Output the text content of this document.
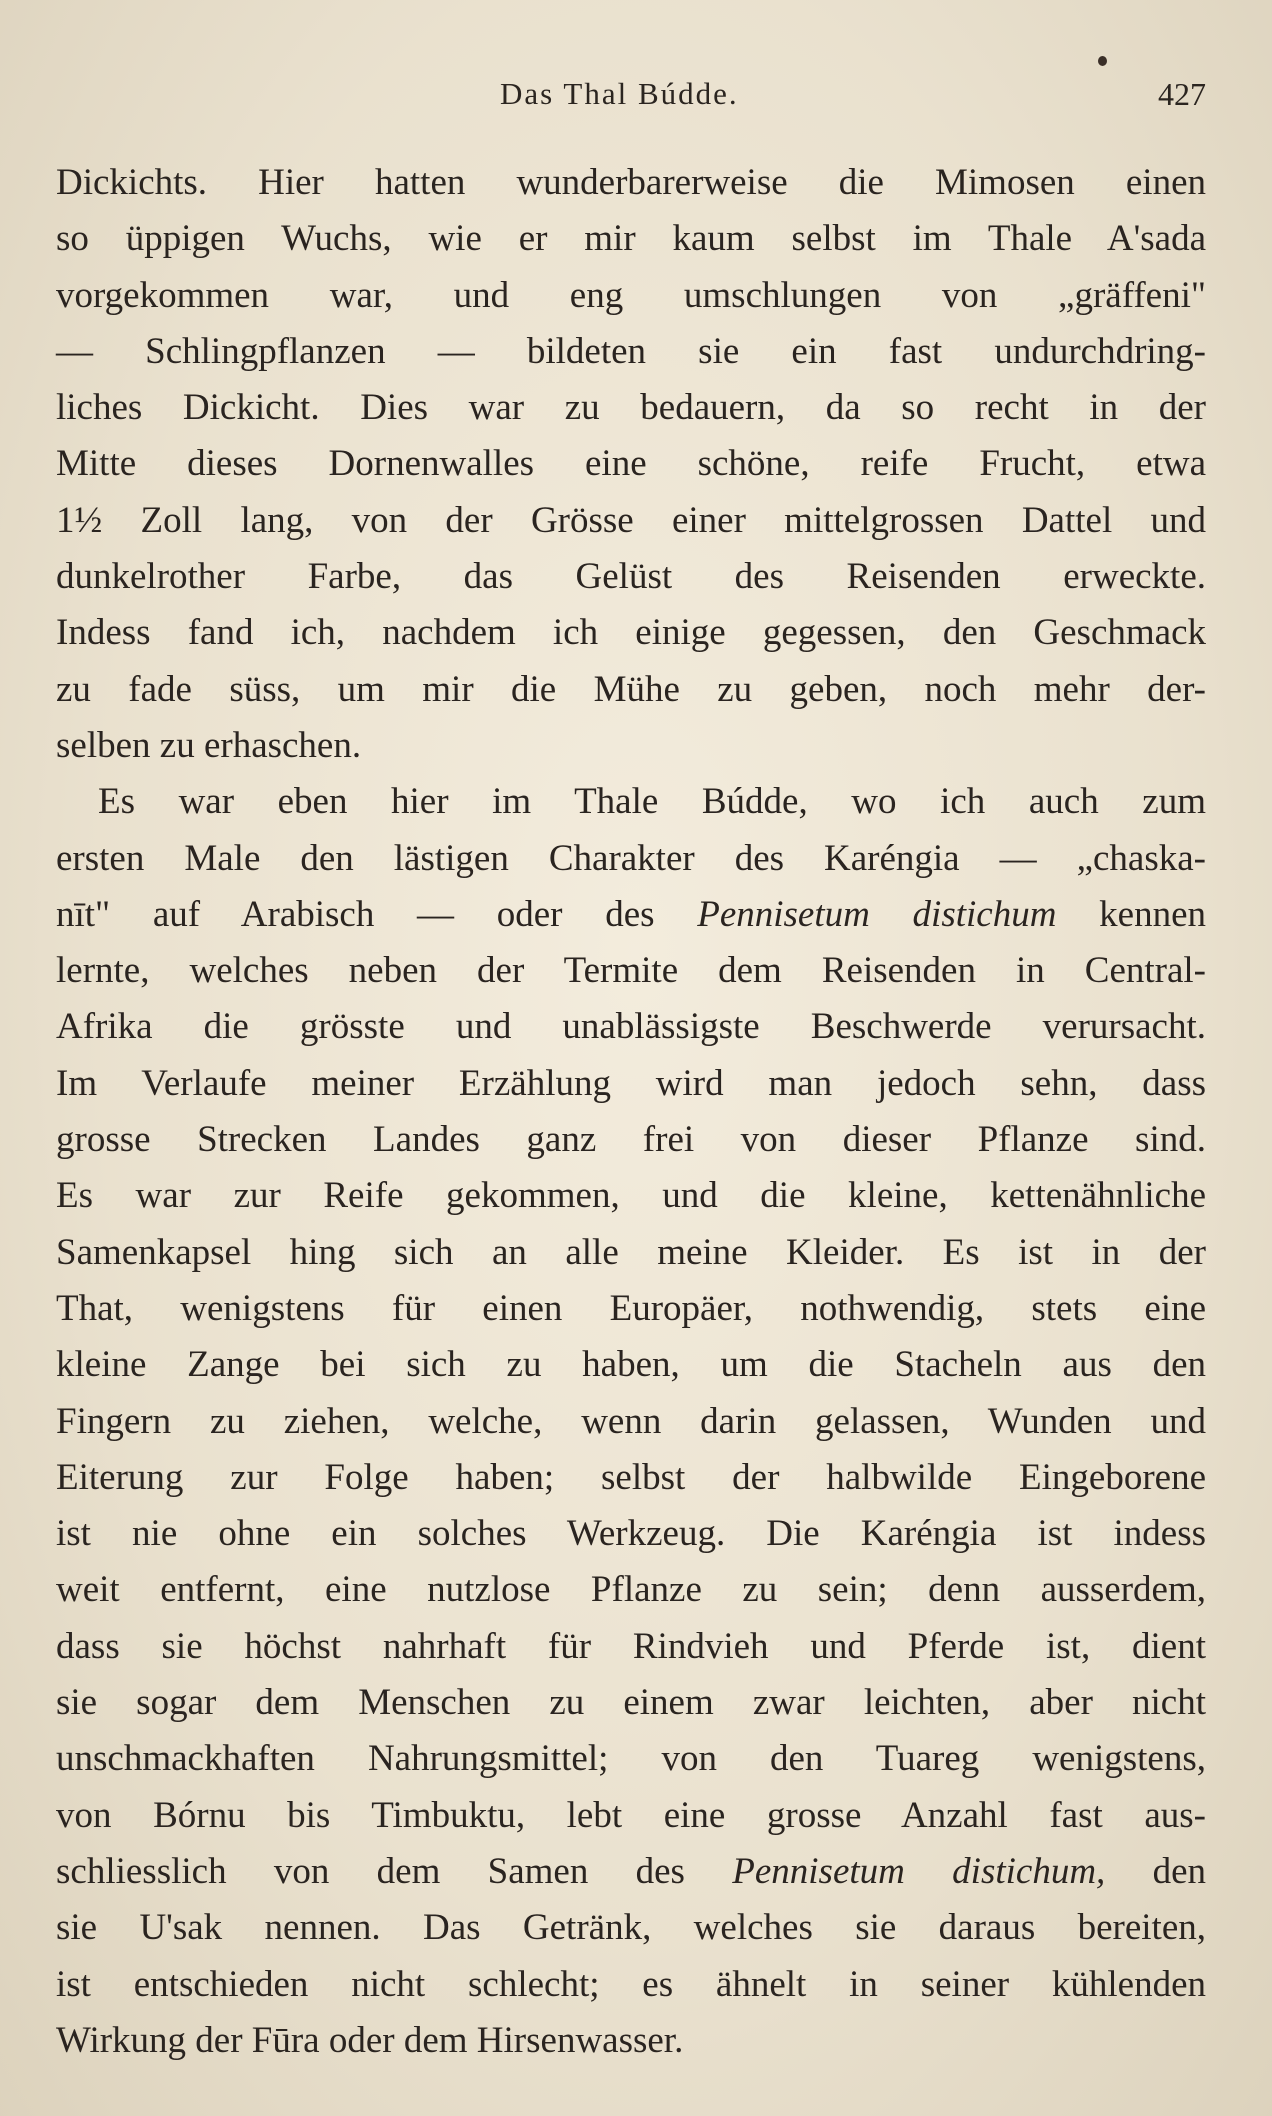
Das Thal Búdde.	427
Dickichts. Hier hatten wunderbarerweise die Mimosen einen
so üppigen Wuchs, wie er mir kaum selbst im Thale A'sada
vorgekommen war, und eng umschlungen von „gräffeni"
— Schlingpflanzen — bildeten sie ein fast undurchdring-
liches Dickicht. Dies war zu bedauern, da so recht in der
Mitte dieses Dornenwalles eine schöne, reife Frucht, etwa
1½ Zoll lang, von der Grösse einer mittelgrossen Dattel und
dunkelrother Farbe, das Gelüst des Reisenden erweckte.
Indess fand ich, nachdem ich einige gegessen, den Geschmack
zu fade süss, um mir die Mühe zu geben, noch mehr der-
selben zu erhaschen.
Es war eben hier im Thale Búdde, wo ich auch zum
ersten Male den lästigen Charakter des Karéngia — „chaska-
nīt" auf Arabisch — oder des Pennisetum distichum kennen
lernte, welches neben der Termite dem Reisenden in Central-
Afrika die grösste und unablässigste Beschwerde verursacht.
Im Verlaufe meiner Erzählung wird man jedoch sehn, dass
grosse Strecken Landes ganz frei von dieser Pflanze sind.
Es war zur Reife gekommen, und die kleine, kettenähnliche
Samenkapsel hing sich an alle meine Kleider. Es ist in der
That, wenigstens für einen Europäer, nothwendig, stets eine
kleine Zange bei sich zu haben, um die Stacheln aus den
Fingern zu ziehen, welche, wenn darin gelassen, Wunden und
Eiterung zur Folge haben; selbst der halbwilde Eingeborene
ist nie ohne ein solches Werkzeug. Die Karéngia ist indess
weit entfernt, eine nutzlose Pflanze zu sein; denn ausserdem,
dass sie höchst nahrhaft für Rindvieh und Pferde ist, dient
sie sogar dem Menschen zu einem zwar leichten, aber nicht
unschmackhaften Nahrungsmittel; von den Tuareg wenigstens,
von Bórnu bis Timbuktu, lebt eine grosse Anzahl fast aus-
schliesslich von dem Samen des Pennisetum distichum, den
sie U'sak nennen. Das Getränk, welches sie daraus bereiten,
ist entschieden nicht schlecht; es ähnelt in seiner kühlenden
Wirkung der Fūra oder dem Hirsenwasser.
